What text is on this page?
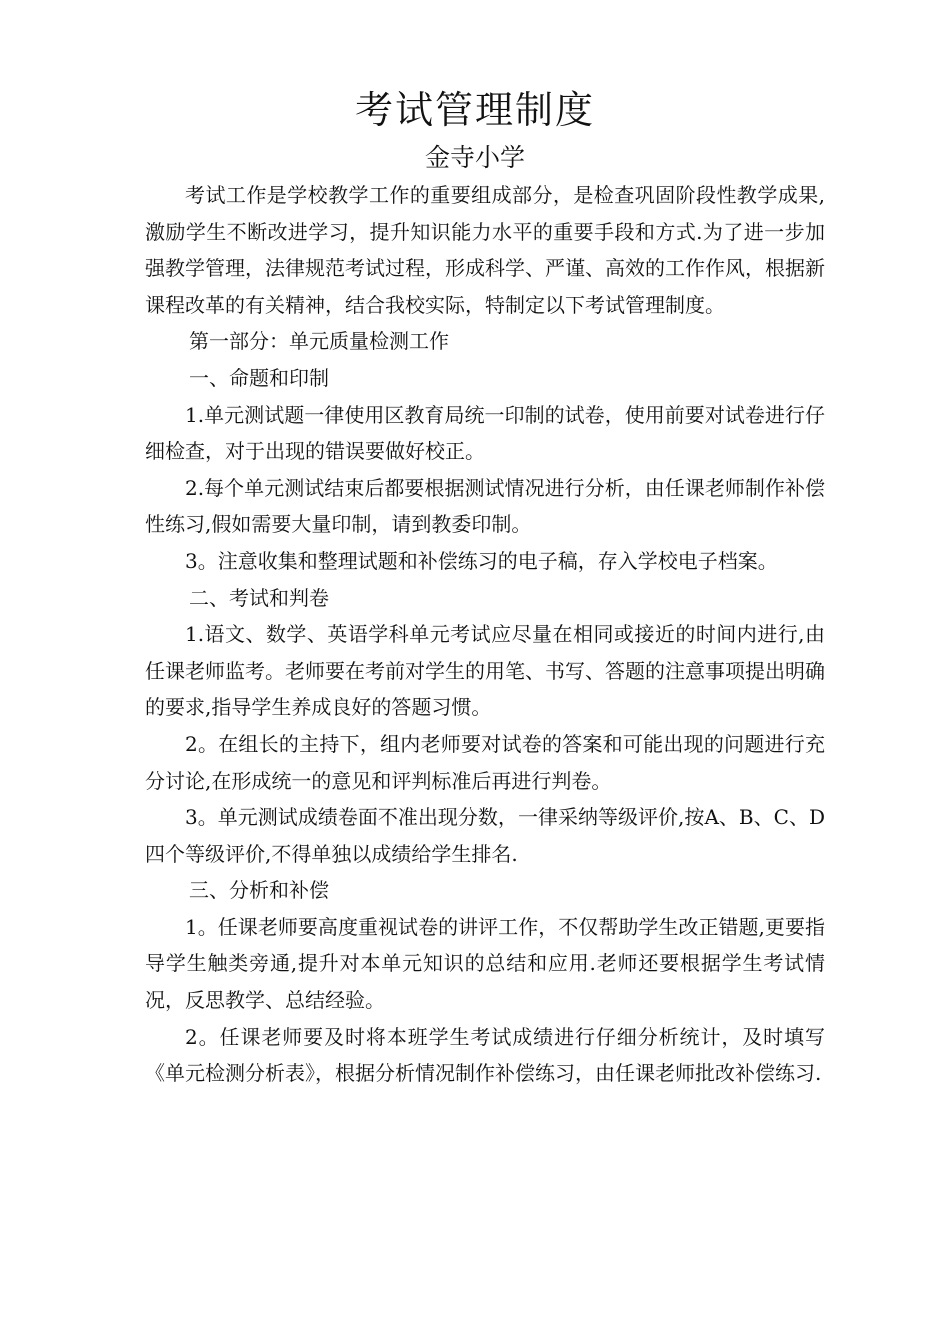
考试管理制度
金寺小学

考试工作是学校教学工作的重要组成部分，是检查巩固阶段性教学成果,激励学生不断改进学习，提升知识能力水平的重要手段和方式.为了进一步加强教学管理，法律规范考试过程，形成科学、严谨、高效的工作作风，根据新课程改革的有关精神，结合我校实际，特制定以下考试管理制度。

第一部分：单元质量检测工作

一、命题和印制

1.单元测试题一律使用区教育局统一印制的试卷，使用前要对试卷进行仔细检查，对于出现的错误要做好校正。

2.每个单元测试结束后都要根据测试情况进行分析，由任课老师制作补偿性练习,假如需要大量印制，请到教委印制。

3。注意收集和整理试题和补偿练习的电子稿，存入学校电子档案。

二、考试和判卷

1.语文、数学、英语学科单元考试应尽量在相同或接近的时间内进行,由任课老师监考。老师要在考前对学生的用笔、书写、答题的注意事项提出明确的要求,指导学生养成良好的答题习惯。

2。在组长的主持下，组内老师要对试卷的答案和可能出现的问题进行充分讨论,在形成统一的意见和评判标准后再进行判卷。

3。单元测试成绩卷面不准出现分数，一律采纳等级评价,按A、B、C、D四个等级评价,不得单独以成绩给学生排名.

三、分析和补偿

1。任课老师要高度重视试卷的讲评工作，不仅帮助学生改正错题,更要指导学生触类旁通,提升对本单元知识的总结和应用.老师还要根据学生考试情况，反思教学、总结经验。

2。任课老师要及时将本班学生考试成绩进行仔细分析统计，及时填写《单元检测分析表》，根据分析情况制作补偿练习，由任课老师批改补偿练习.
